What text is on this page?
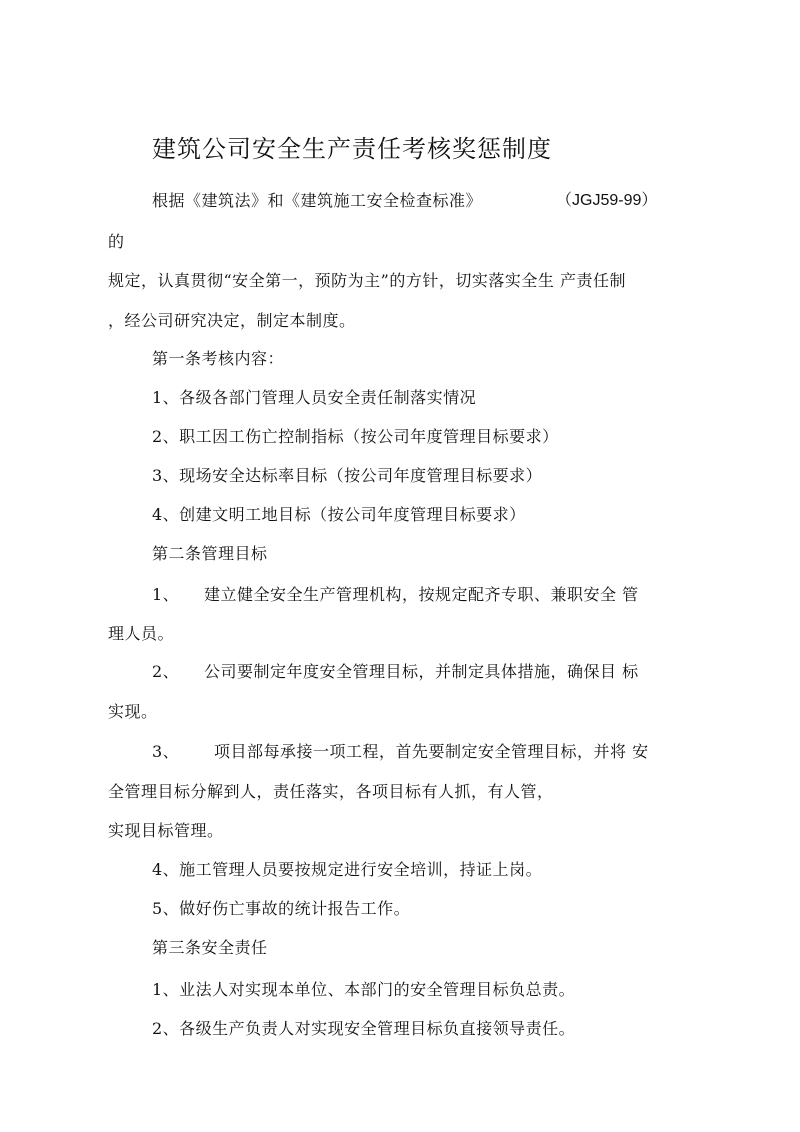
建筑公司安全生产责任考核奖惩制度
根据《建筑法》和《建筑施工安全检查标准》	（JGJ59-99）
的
规定，认真贯彻“安全第一，预防为主”的方针，切实落实全生 产责任制
，经公司研究决定，制定本制度。
第一条考核内容：
1、各级各部门管理人员安全责任制落实情况
2、职工因工伤亡控制指标（按公司年度管理目标要求）
3、现场安全达标率目标（按公司年度管理目标要求）
4、创建文明工地目标（按公司年度管理目标要求）
第二条管理目标
1、 建立健全安全生产管理机构，按规定配齐专职、兼职安全 管
理人员。
2、 公司要制定年度安全管理目标，并制定具体措施，确保目 标
实现。
3、 项目部每承接一项工程，首先要制定安全管理目标，并将 安
全管理目标分解到人，责任落实，各项目标有人抓，有人管，
实现目标管理。
4、施工管理人员要按规定进行安全培训，持证上岗。
5、做好伤亡事故的统计报告工作。
第三条安全责任
1、业法人对实现本单位、本部门的安全管理目标负总责。
2、各级生产负责人对实现安全管理目标负直接领导责任。
